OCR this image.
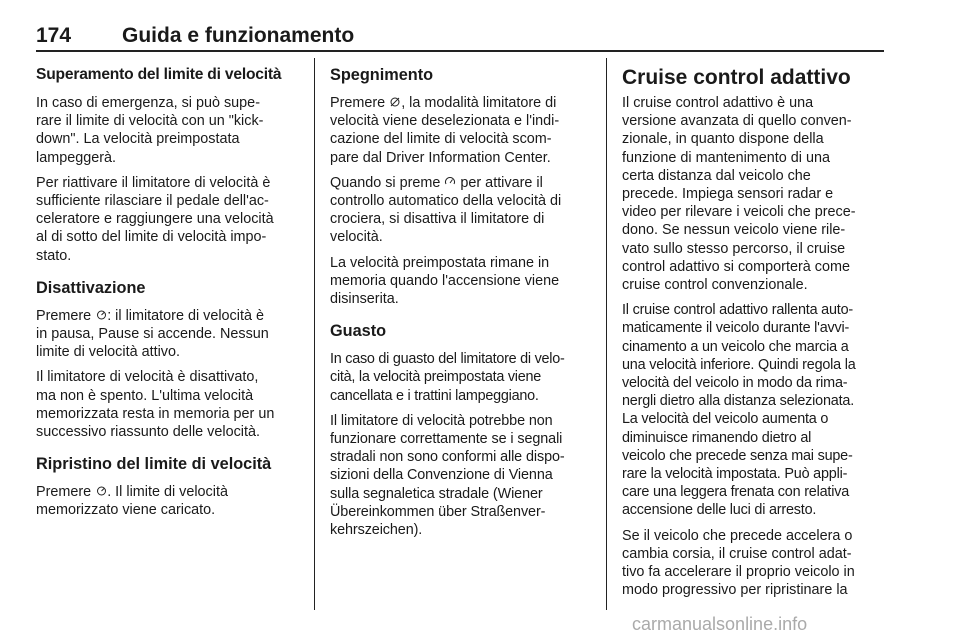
174 Guida e funzionamento
Superamento del limite di velocità

In caso di emergenza, si può supe-
rare il limite di velocità con un "kick-
down". La velocità preimpostata
lampeggerà.

Per riattivare il limitatore di velocità è
sufficiente rilasciare il pedale dell'ac-
celeratore e raggiungere una velocità
al di sotto del limite di velocità impo-
stato.

Disattivazione

Premere : il limitatore di velocità è
in pausa, Pause si accende. Nessun
limite di velocità attivo.

Il limitatore di velocità è disattivato,
ma non è spento. L'ultima velocità
memorizzata resta in memoria per un
successivo riassunto delle velocità.

Ripristino del limite di velocità

Premere . Il limite di velocità
memorizzato viene caricato.

Spegnimento

Premere , la modalità limitatore di
velocità viene deselezionata e l'indi-
cazione del limite di velocità scom-
pare dal Driver Information Center.

Quando si preme  per attivare il
controllo automatico della velocità di
crociera, si disattiva il limitatore di
velocità.

La velocità preimpostata rimane in
memoria quando l'accensione viene
disinserita.

Guasto

In caso di guasto del limitatore di velo-
cità, la velocità preimpostata viene
cancellata e i trattini lampeggiano.

Il limitatore di velocità potrebbe non
funzionare correttamente se i segnali
stradali non sono conformi alle dispo-
sizioni della Convenzione di Vienna
sulla segnaletica stradale (Wiener
Übereinkommen über Straßenver-
kehrszeichen).

Cruise control adattivo

Il cruise control adattivo è una
versione avanzata di quello conven-
zionale, in quanto dispone della
funzione di mantenimento di una
certa distanza dal veicolo che
precede. Impiega sensori radar e
video per rilevare i veicoli che prece-
dono. Se nessun veicolo viene rile-
vato sullo stesso percorso, il cruise
control adattivo si comporterà come
cruise control convenzionale.

Il cruise control adattivo rallenta auto-
maticamente il veicolo durante l'avvi-
cinamento a un veicolo che marcia a
una velocità inferiore. Quindi regola la
velocità del veicolo in modo da rima-
nergli dietro alla distanza selezionata.
La velocità del veicolo aumenta o
diminuisce rimanendo dietro al
veicolo che precede senza mai supe-
rare la velocità impostata. Può appli-
care una leggera frenata con relativa
accensione delle luci di arresto.

Se il veicolo che precede accelera o
cambia corsia, il cruise control adat-
tivo fa accelerare il proprio veicolo in
modo progressivo per ripristinare la

carmanualsonline.info
